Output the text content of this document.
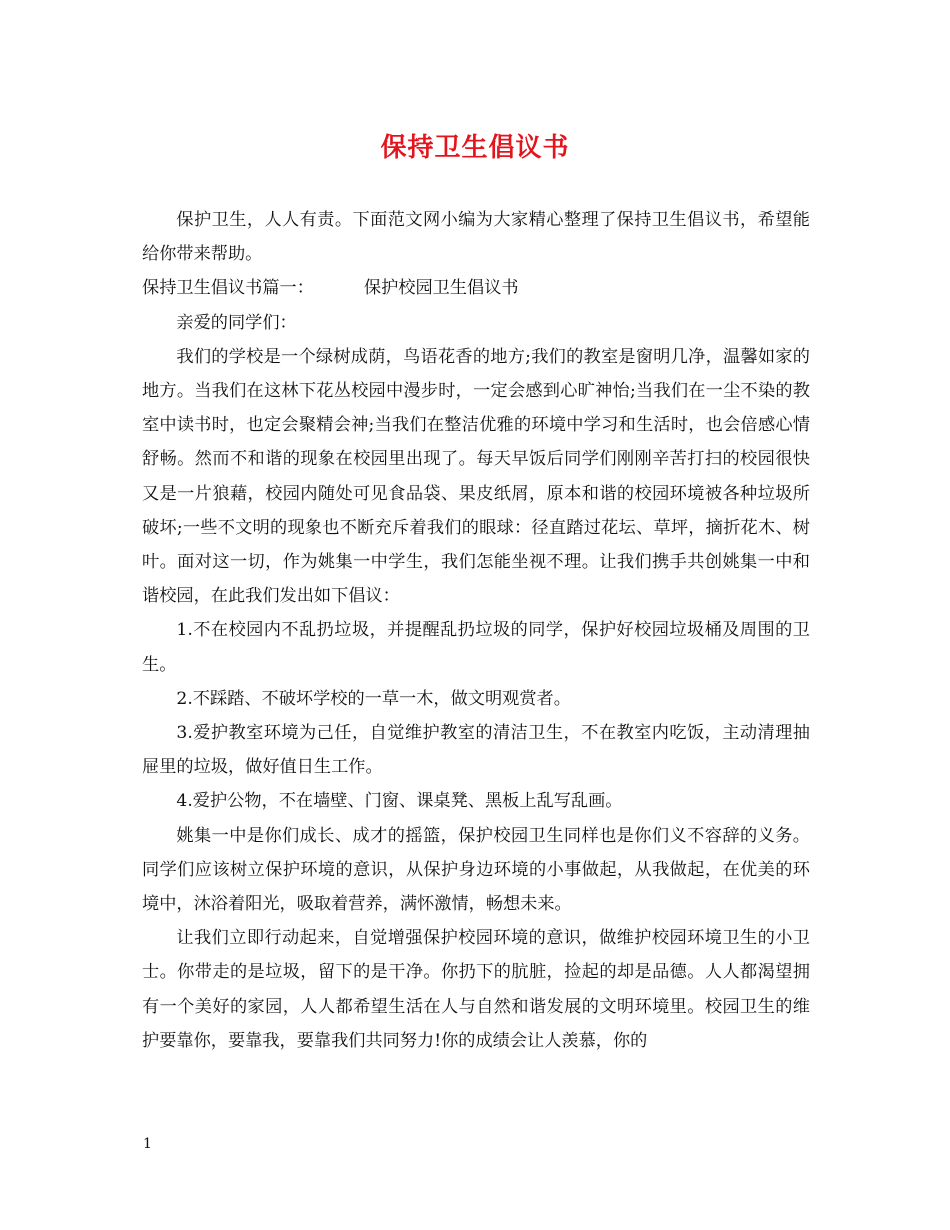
保持卫生倡议书

保护卫生，人人有责。下面范文网小编为大家精心整理了保持卫生倡议书，希望能给你带来帮助。

保持卫生倡议书篇一：	保护校园卫生倡议书

亲爱的同学们：

我们的学校是一个绿树成荫，鸟语花香的地方;我们的教室是窗明几净，温馨如家的地方。当我们在这林下花丛校园中漫步时，一定会感到心旷神怡;当我们在一尘不染的教室中读书时，也定会聚精会神;当我们在整洁优雅的环境中学习和生活时，也会倍感心情舒畅。然而不和谐的现象在校园里出现了。每天早饭后同学们刚刚辛苦打扫的校园很快又是一片狼藉，校园内随处可见食品袋、果皮纸屑，原本和谐的校园环境被各种垃圾所破坏;一些不文明的现象也不断充斥着我们的眼球：径直踏过花坛、草坪，摘折花木、树叶。面对这一切，作为姚集一中学生，我们怎能坐视不理。让我们携手共创姚集一中和谐校园，在此我们发出如下倡议：

1.不在校园内不乱扔垃圾，并提醒乱扔垃圾的同学，保护好校园垃圾桶及周围的卫生。

2.不踩踏、不破坏学校的一草一木，做文明观赏者。

3.爱护教室环境为己任，自觉维护教室的清洁卫生，不在教室内吃饭，主动清理抽屉里的垃圾，做好值日生工作。

4.爱护公物，不在墙壁、门窗、课桌凳、黑板上乱写乱画。

姚集一中是你们成长、成才的摇篮，保护校园卫生同样也是你们义不容辞的义务。同学们应该树立保护环境的意识，从保护身边环境的小事做起，从我做起，在优美的环境中，沐浴着阳光，吸取着营养，满怀激情，畅想未来。

让我们立即行动起来，自觉增强保护校园环境的意识，做维护校园环境卫生的小卫士。你带走的是垃圾，留下的是干净。你扔下的肮脏，捡起的却是品德。人人都渴望拥有一个美好的家园，人人都希望生活在人与自然和谐发展的文明环境里。校园卫生的维护要靠你，要靠我，要靠我们共同努力!你的成绩会让人羡慕，你的

1
